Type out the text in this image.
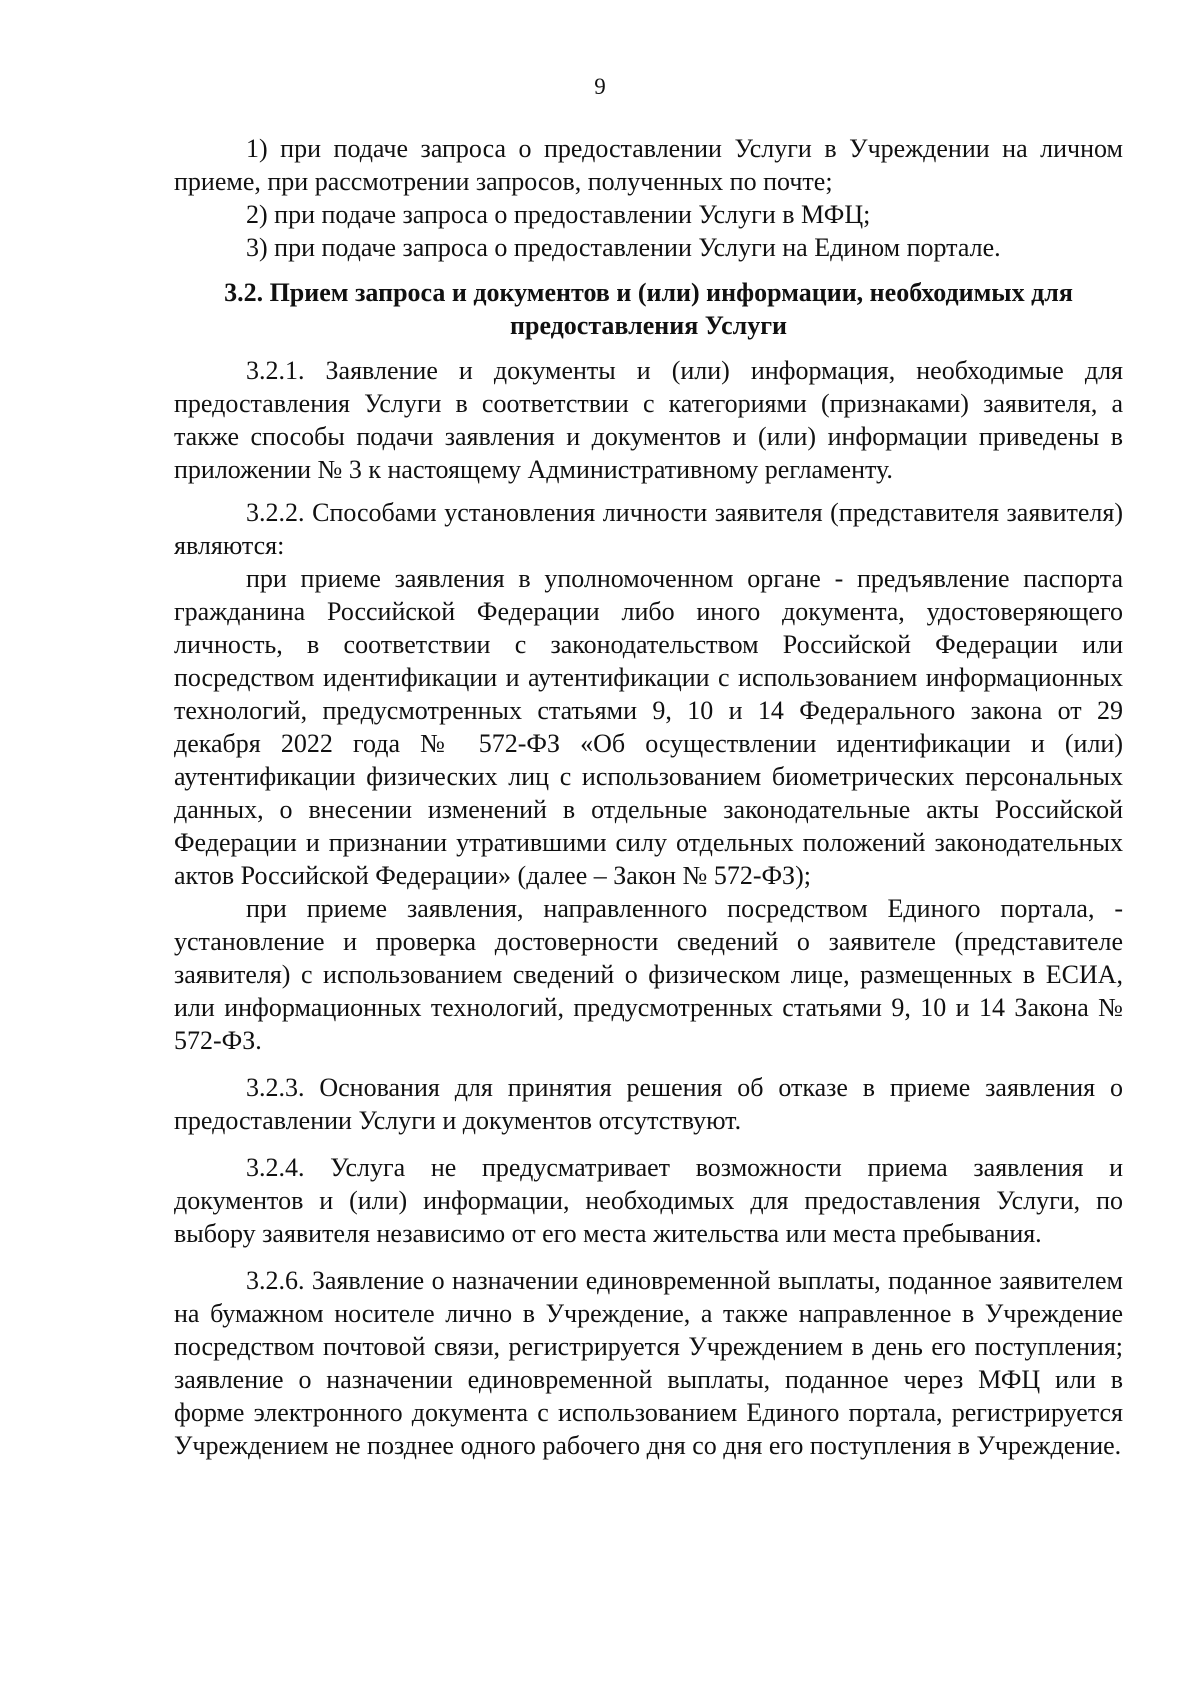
9

1) при подаче запроса о предоставлении Услуги в Учреждении на личном приеме, при рассмотрении запросов, полученных по почте;

2) при подаче запроса о предоставлении Услуги в МФЦ;

3) при подаче запроса о предоставлении Услуги на Едином портале.

3.2. Прием запроса и документов и (или) информации, необходимых для предоставления Услуги

3.2.1. Заявление и документы и (или) информация, необходимые для предоставления Услуги в соответствии с категориями (признаками) заявителя, а также способы подачи заявления и документов и (или) информации приведены в приложении № 3 к настоящему Административному регламенту.

3.2.2. Способами установления личности заявителя (представителя заявителя) являются:

при приеме заявления в уполномоченном органе - предъявление паспорта гражданина Российской Федерации либо иного документа, удостоверяющего личность, в соответствии с законодательством Российской Федерации или посредством идентификации и аутентификации с использованием информационных технологий, предусмотренных статьями 9, 10 и 14 Федерального закона от 29 декабря 2022 года № 572-ФЗ «Об осуществлении идентификации и (или) аутентификации физических лиц с использованием биометрических персональных данных, о внесении изменений в отдельные законодательные акты Российской Федерации и признании утратившими силу отдельных положений законодательных актов Российской Федерации» (далее – Закон № 572-ФЗ);

при приеме заявления, направленного посредством Единого портала, - установление и проверка достоверности сведений о заявителе (представителе заявителя) с использованием сведений о физическом лице, размещенных в ЕСИА, или информационных технологий, предусмотренных статьями 9, 10 и 14 Закона № 572-ФЗ.

3.2.3. Основания для принятия решения об отказе в приеме заявления о предоставлении Услуги и документов отсутствуют.

3.2.4. Услуга не предусматривает возможности приема заявления и документов и (или) информации, необходимых для предоставления Услуги, по выбору заявителя независимо от его места жительства или места пребывания.

3.2.6. Заявление о назначении единовременной выплаты, поданное заявителем на бумажном носителе лично в Учреждение, а также направленное в Учреждение посредством почтовой связи, регистрируется Учреждением в день его поступления; заявление о назначении единовременной выплаты, поданное через МФЦ или в форме электронного документа с использованием Единого портала, регистрируется Учреждением не позднее одного рабочего дня со дня его поступления в Учреждение.
